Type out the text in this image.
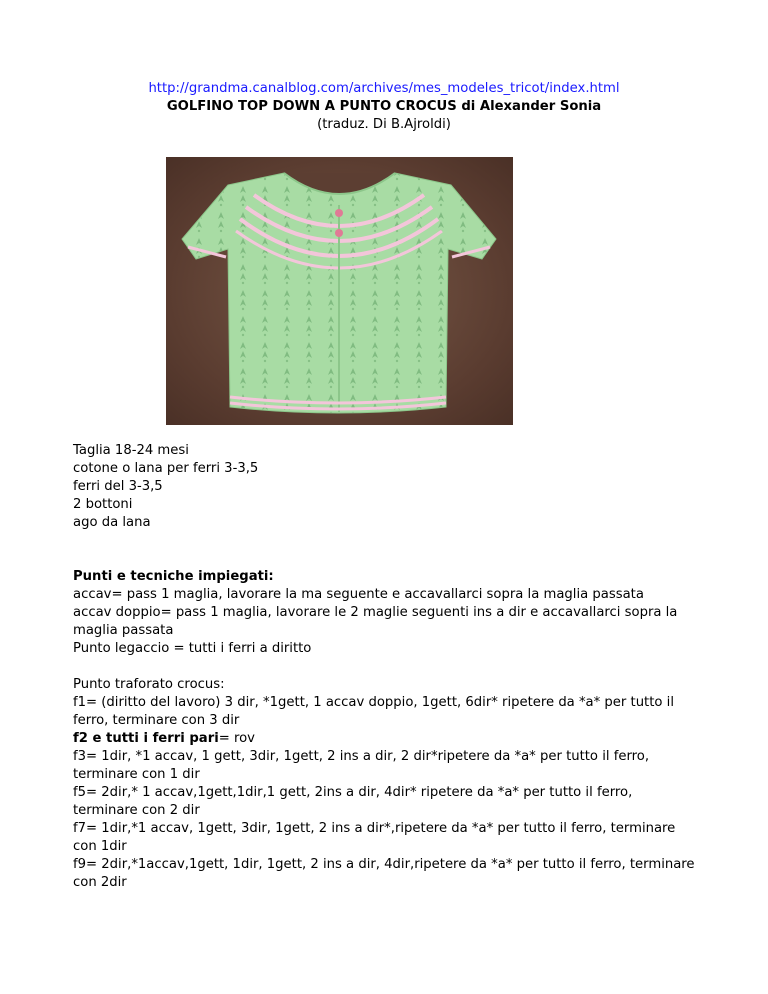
http://grandma.canalblog.com/archives/mes_modeles_tricot/index.html
GOLFINO TOP DOWN A PUNTO CROCUS di Alexander Sonia
(traduz. Di B.Ajroldi)

Taglia 18-24 mesi

cotone o lana per ferri 3-3,5

ferri del 3-3,5

2 bottoni

ago da lana

Punti e tecniche impiegati:

accav= pass 1 maglia, lavorare la ma seguente e accavallarci sopra la maglia passata

accav doppio= pass 1 maglia, lavorare le 2 maglie seguenti ins a dir e accavallarci sopra la

maglia passata

Punto legaccio = tutti i ferri a diritto

Punto traforato crocus:

f1= (diritto del lavoro) 3 dir, *1gett, 1 accav doppio, 1gett, 6dir* ripetere da *a* per tutto il

ferro, terminare con 3 dir

f2 e tutti i ferri pari= rov

f3= 1dir, *1 accav, 1 gett, 3dir, 1gett, 2 ins a dir, 2 dir*ripetere da *a* per tutto il ferro,

terminare con 1 dir

f5= 2dir,* 1 accav,1gett,1dir,1 gett, 2ins a dir, 4dir* ripetere da *a* per tutto il ferro,

terminare con 2 dir

f7= 1dir,*1 accav, 1gett, 3dir, 1gett, 2 ins a dir*,ripetere da *a* per tutto il ferro, terminare

con 1dir

f9= 2dir,*1accav,1gett, 1dir, 1gett, 2 ins a dir, 4dir,ripetere da *a* per tutto il ferro, terminare

con 2dir
